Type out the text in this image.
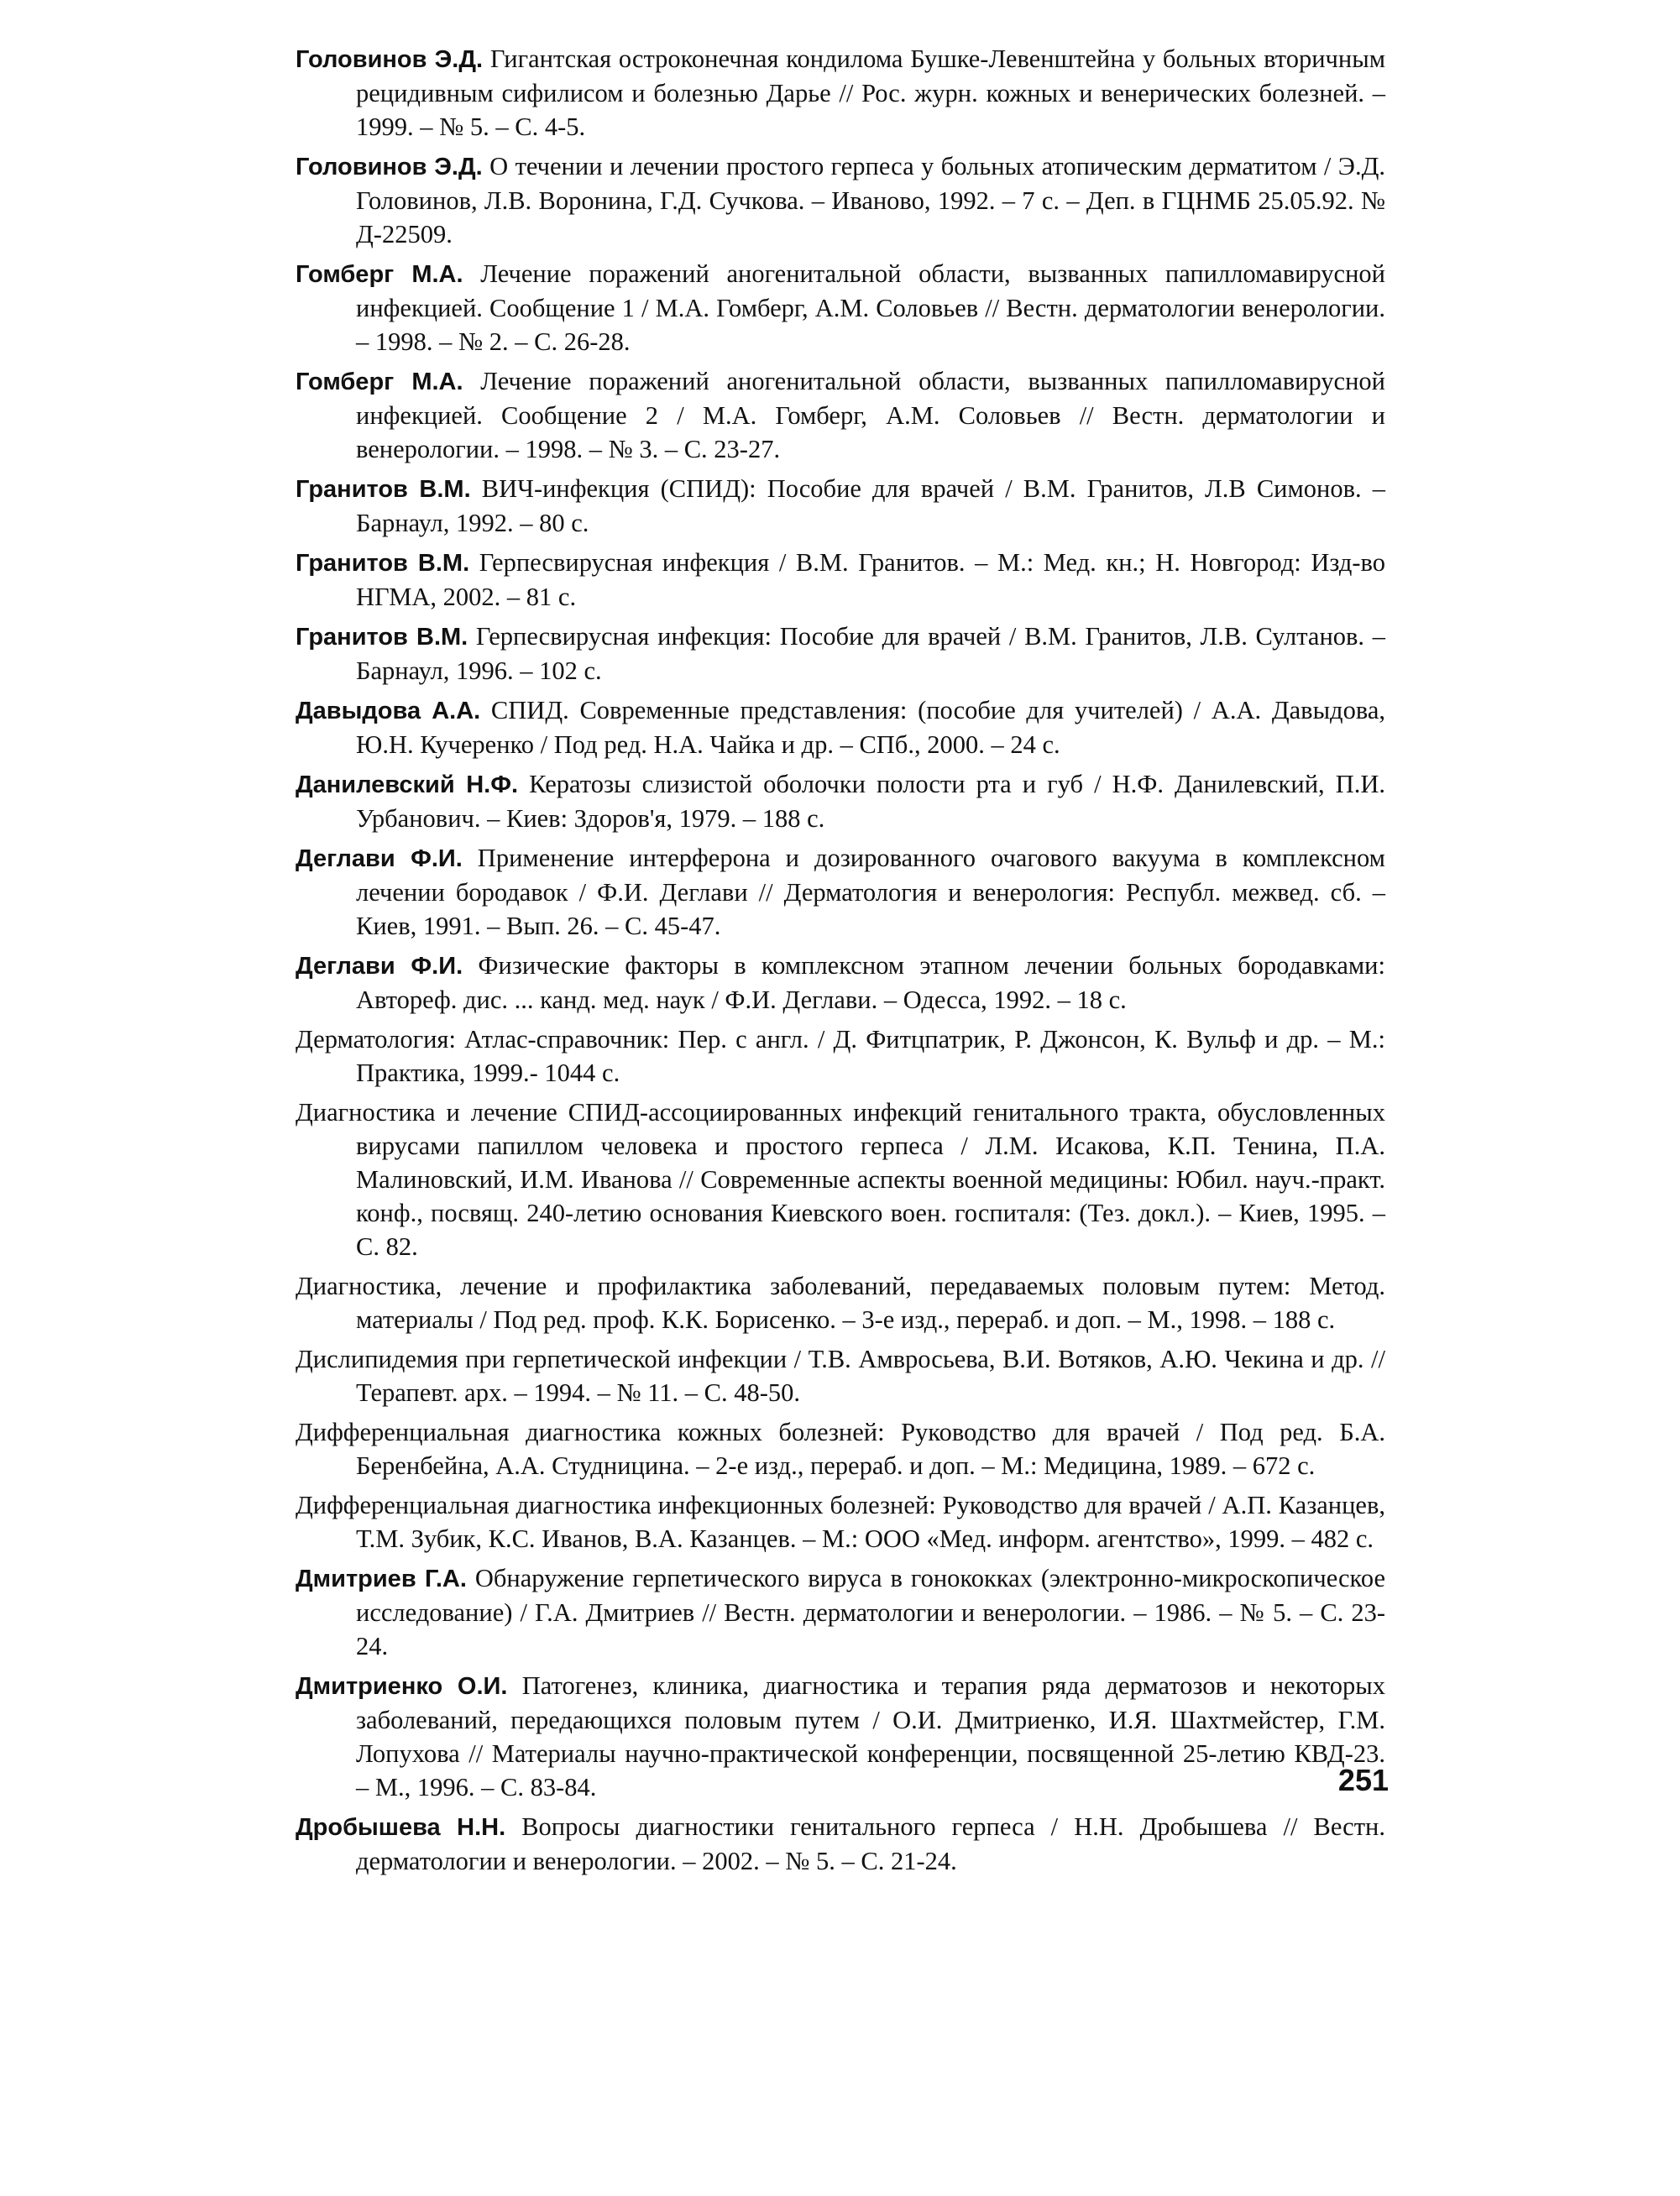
Головинов Э.Д. Гигантская остроконечная кондилома Бушке-Левенштейна у больных вторичным рецидивным сифилисом и болезнью Дарье // Рос. журн. кожных и венерических болезней. – 1999. – № 5. – С. 4-5.

Головинов Э.Д. О течении и лечении простого герпеса у больных атопическим дерматитом / Э.Д. Головинов, Л.В. Воронина, Г.Д. Сучкова. – Иваново, 1992. – 7 с. – Деп. в ГЦНМБ 25.05.92. № Д-22509.

Гомберг М.А. Лечение поражений аногенитальной области, вызванных папилломавирусной инфекцией. Сообщение 1 / М.А. Гомберг, А.М. Соловьев // Вестн. дерматологии венерологии. – 1998. – № 2. – С. 26-28.

Гомберг М.А. Лечение поражений аногенитальной области, вызванных папилломавирусной инфекцией. Сообщение 2 / М.А. Гомберг, А.М. Соловьев // Вестн. дерматологии и венерологии. – 1998. – № 3. – С. 23-27.

Гранитов В.М. ВИЧ-инфекция (СПИД): Пособие для врачей / В.М. Гранитов, Л.В Симонов. – Барнаул, 1992. – 80 с.

Гранитов В.М. Герпесвирусная инфекция / В.М. Гранитов. – М.: Мед. кн.; Н. Новгород: Изд-во НГМА, 2002. – 81 с.

Гранитов В.М. Герпесвирусная инфекция: Пособие для врачей / В.М. Гранитов, Л.В. Султанов. – Барнаул, 1996. – 102 с.

Давыдова А.А. СПИД. Современные представления: (пособие для учителей) / А.А. Давыдова, Ю.Н. Кучеренко / Под ред. Н.А. Чайка и др. – СПб., 2000. – 24 с.

Данилевский Н.Ф. Кератозы слизистой оболочки полости рта и губ / Н.Ф. Данилевский, П.И. Урбанович. – Киев: Здоров'я, 1979. – 188 с.

Деглави Ф.И. Применение интерферона и дозированного очагового вакуума в комплексном лечении бородавок / Ф.И. Деглави // Дерматология и венерология: Республ. межвед. сб. – Киев, 1991. – Вып. 26. – С. 45-47.

Деглави Ф.И. Физические факторы в комплексном этапном лечении больных бородавками: Автореф. дис. ... канд. мед. наук / Ф.И. Деглави. – Одесса, 1992. – 18 с.

Дерматология: Атлас-справочник: Пер. с англ. / Д. Фитцпатрик, Р. Джонсон, К. Вульф и др. – М.: Практика, 1999.- 1044 с.

Диагностика и лечение СПИД-ассоциированных инфекций генитального тракта, обусловленных вирусами папиллом человека и простого герпеса / Л.М. Исакова, К.П. Тенина, П.А. Малиновский, И.М. Иванова // Современные аспекты военной медицины: Юбил. науч.-практ. конф., посвящ. 240-летию основания Киевского воен. госпиталя: (Тез. докл.). – Киев, 1995. – С. 82.

Диагностика, лечение и профилактика заболеваний, передаваемых половым путем: Метод. материалы / Под ред. проф. К.К. Борисенко. – 3-е изд., перераб. и доп. – М., 1998. – 188 с.

Дислипидемия при герпетической инфекции / Т.В. Амвросьева, В.И. Вотяков, А.Ю. Чекина и др. // Терапевт. арх. – 1994. – № 11. – С. 48-50.

Дифференциальная диагностика кожных болезней: Руководство для врачей / Под ред. Б.А. Беренбейна, А.А. Студницина. – 2-е изд., перераб. и доп. – М.: Медицина, 1989. – 672 с.

Дифференциальная диагностика инфекционных болезней: Руководство для врачей / А.П. Казанцев, Т.М. Зубик, К.С. Иванов, В.А. Казанцев. – М.: ООО «Мед. информ. агентство», 1999. – 482 с.

Дмитриев Г.А. Обнаружение герпетического вируса в гонококках (электронно-микроскопическое исследование) / Г.А. Дмитриев // Вестн. дерматологии и венерологии. – 1986. – № 5. – С. 23-24.

Дмитриенко О.И. Патогенез, клиника, диагностика и терапия ряда дерматозов и некоторых заболеваний, передающихся половым путем / О.И. Дмитриенко, И.Я. Шахтмейстер, Г.М. Лопухова // Материалы научно-практической конференции, посвященной 25-летию КВД-23. – М., 1996. – С. 83-84.

Дробышева Н.Н. Вопросы диагностики генитального герпеса / Н.Н. Дробышева // Вестн. дерматологии и венерологии. – 2002. – № 5. – С. 21-24.

251
